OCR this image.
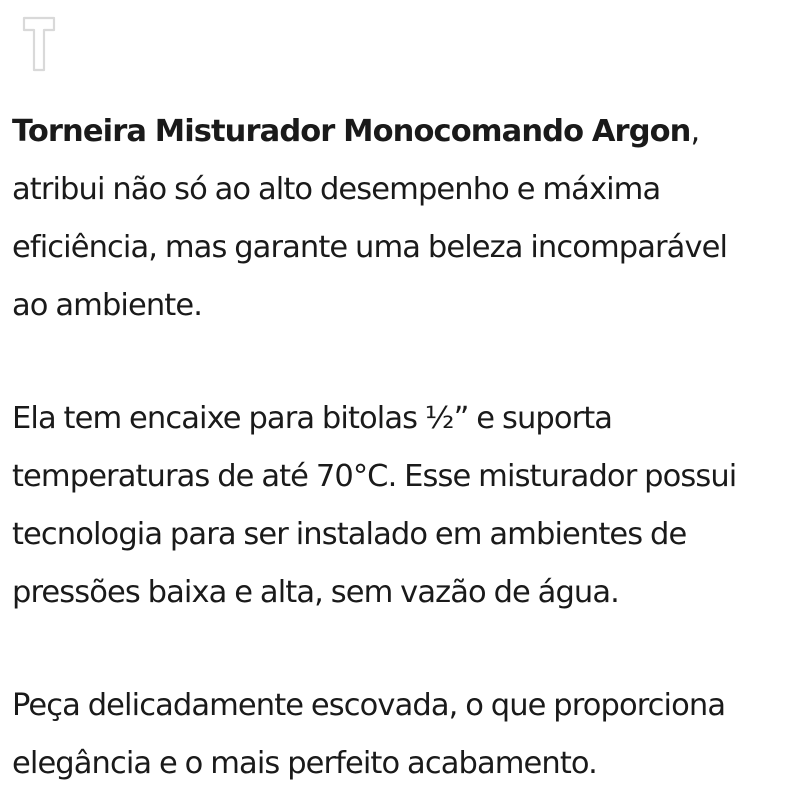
Torneira Misturador Monocomando Argon,
atribui não só ao alto desempenho e máxima
eficiência, mas garante uma beleza incomparável
ao ambiente.

Ela tem encaixe para bitolas ½” e suporta
temperaturas de até 70°C. Esse misturador possui
tecnologia para ser instalado em ambientes de
pressões baixa e alta, sem vazão de água.

Peça delicadamente escovada, o que proporciona
elegância e o mais perfeito acabamento.
